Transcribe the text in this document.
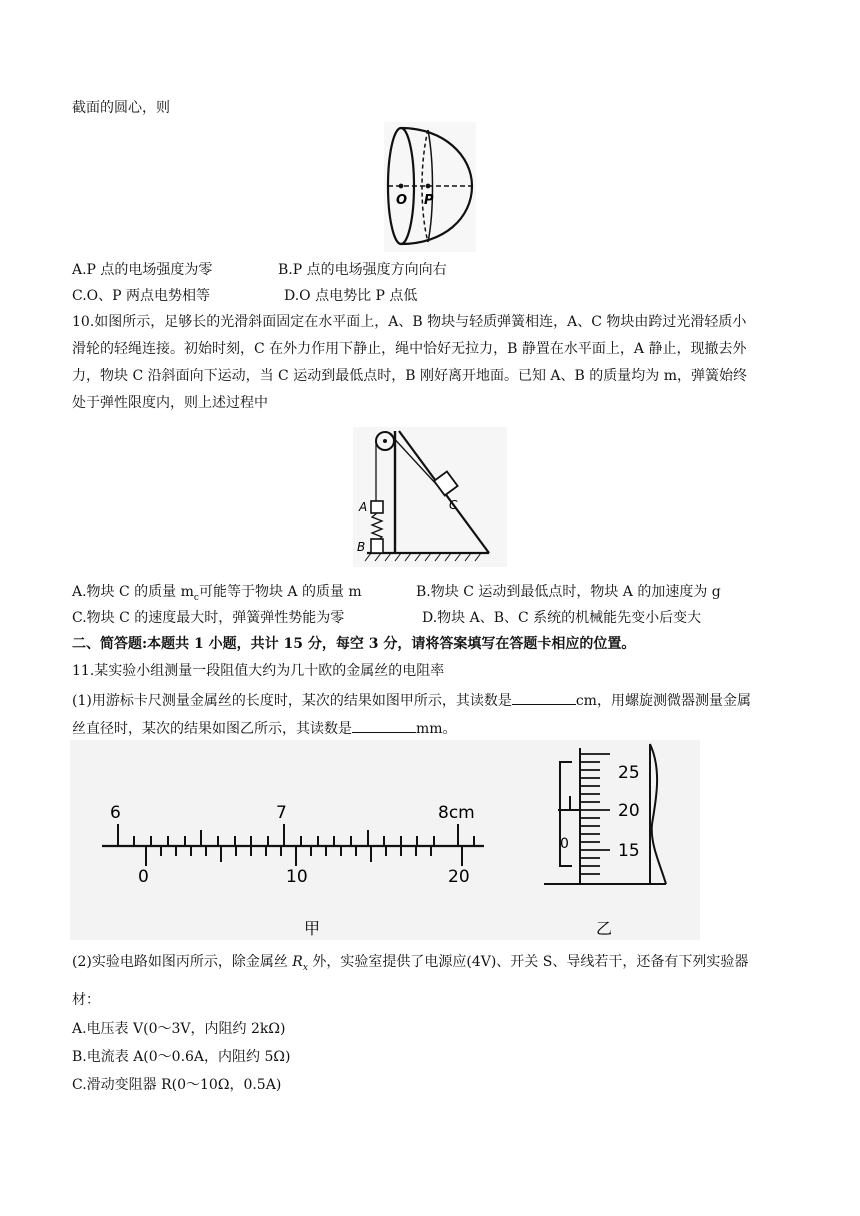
截面的圆心，则
O P
A.P 点的电场强度为零	B.P 点的电场强度方向向右
C.O、P 两点电势相等	D.O 点电势比 P 点低
10.如图所示，足够长的光滑斜面固定在水平面上，A、B 物块与轻质弹簧相连，A、C 物块由跨过光滑轻质小
滑轮的轻绳连接。初始时刻，C 在外力作用下静止，绳中恰好无拉力，B 静置在水平面上，A 静止，现撤去外
力，物块 C 沿斜面向下运动，当 C 运动到最低点时，B 刚好离开地面。已知 A、B 的质量均为 m，弹簧始终
处于弹性限度内，则上述过程中
A
B
C
A.物块 C 的质量 $m_c$可能等于物块 A 的质量 m	B.物块 C 运动到最低点时，物块 A 的加速度为 g
C.物块 C 的速度最大时，弹簧弹性势能为零	D.物块 A、B、C 系统的机械能先变小后变大
二、简答题:本题共 1 小题，共计 15 分，每空 3 分，请将答案填写在答题卡相应的位置。
11.某实验小组测量一段阻值大约为几十欧的金属丝的电阻率
(1)用游标卡尺测量金属丝的长度时，某次的结果如图甲所示，其读数是	cm，用螺旋测微器测量金属
丝直径时，某次的结果如图乙所示，其读数是	mm。
6	7	8cm
0	10	20
甲
0
25
20
15
乙
(2)实验电路如图丙所示，除金属丝 $R_x$ 外，实验室提供了电源应(4V)、开关 S、导线若干，还备有下列实验器
材：
A.电压表 V(0～3V，内阻约 2kΩ)
B.电流表 A(0～0.6A，内阻约 5Ω)
C.滑动变阻器 R(0～10Ω，0.5A)
